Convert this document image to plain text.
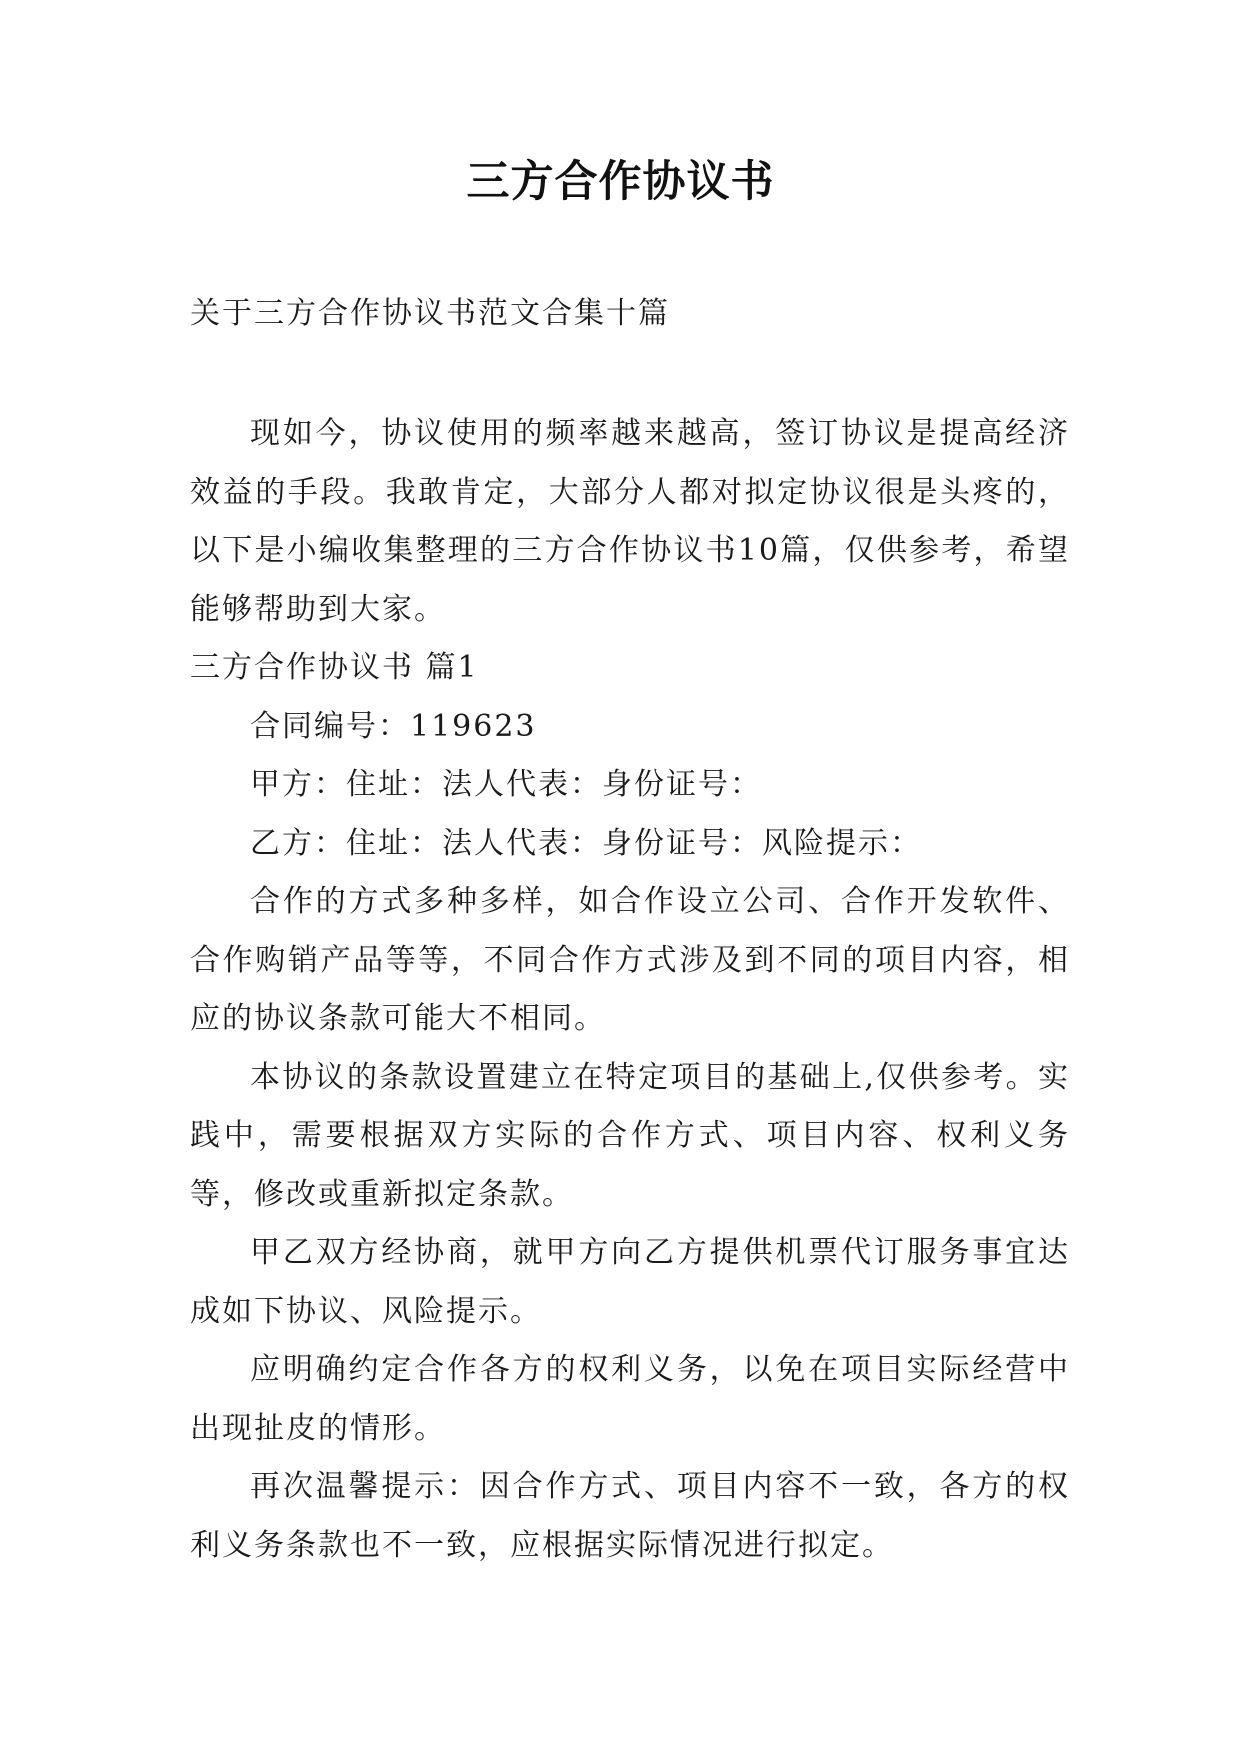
三方合作协议书
关于三方合作协议书范文合集十篇

现如今，协议使用的频率越来越高，签订协议是提高经济效益的手段。我敢肯定，大部分人都对拟定协议很是头疼的，以下是小编收集整理的三方合作协议书10篇，仅供参考，希望能够帮助到大家。

三方合作协议书 篇1

合同编号：119623

甲方：住址：法人代表：身份证号：

乙方：住址：法人代表：身份证号：风险提示：

合作的方式多种多样，如合作设立公司、合作开发软件、合作购销产品等等，不同合作方式涉及到不同的项目内容，相应的协议条款可能大不相同。

本协议的条款设置建立在特定项目的基础上,仅供参考。实践中，需要根据双方实际的合作方式、项目内容、权利义务等，修改或重新拟定条款。

甲乙双方经协商，就甲方向乙方提供机票代订服务事宜达成如下协议、风险提示。

应明确约定合作各方的权利义务，以免在项目实际经营中出现扯皮的情形。

再次温馨提示：因合作方式、项目内容不一致，各方的权利义务条款也不一致，应根据实际情况进行拟定。
